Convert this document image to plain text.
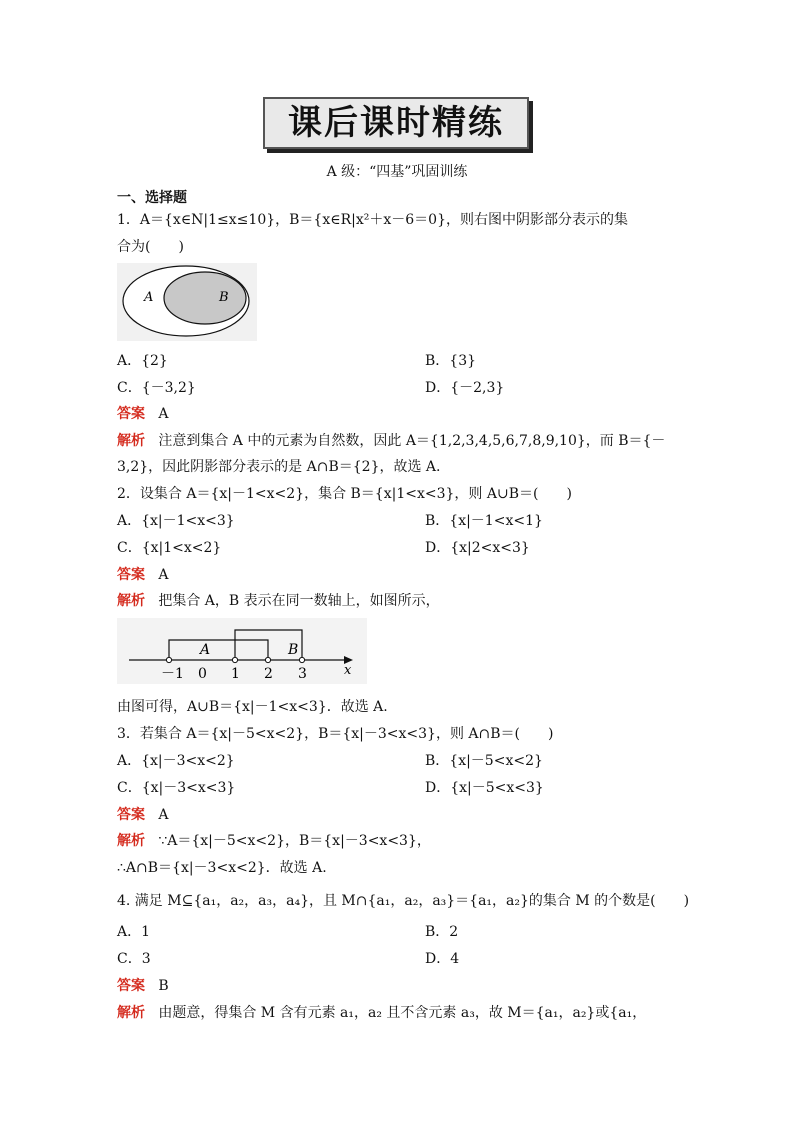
课后课时精练
A 级：“四基”巩固训练
一、选择题
1．A＝{x∈N|1≤x≤10}，B＝{x∈R|x²＋x－6＝0}，则右图中阴影部分表示的集
合为(　　)
A	B
A．{2}	B．{3}
C．{－3,2}	D．{－2,3}
答案 A
解析 注意到集合 A 中的元素为自然数，因此 A＝{1,2,3,4,5,6,7,8,9,10}，而 B＝{－
3,2}，因此阴影部分表示的是 A∩B＝{2}，故选 A.
2．设集合 A＝{x|－1<x<2}，集合 B＝{x|1<x<3}，则 A∪B＝(　　)
A．{x|－1<x<3}	B．{x|－1<x<1}
C．{x|1<x<2}	D．{x|2<x<3}
答案 A
解析 把集合 A，B 表示在同一数轴上，如图所示，
－1 0 1 2 3
A	B
x
由图可得，A∪B＝{x|－1<x<3}．故选 A.
3．若集合 A＝{x|－5<x<2}，B＝{x|－3<x<3}，则 A∩B＝(　　)
A．{x|－3<x<2}	B．{x|－5<x<2}
C．{x|－3<x<3}	D．{x|－5<x<3}
答案 A
解析 ∵A＝{x|－5<x<2}，B＝{x|－3<x<3}，
∴A∩B＝{x|－3<x<2}．故选 A.
4. 满足 M⊆{a₁，a₂，a₃，a₄}，且 M∩{a₁，a₂，a₃}＝{a₁，a₂}的集合 M 的个数是(　　)
A．1	B．2
C．3	D．4
答案 B
解析 由题意，得集合 M 含有元素 a₁，a₂ 且不含元素 a₃，故 M＝{a₁，a₂}或{a₁，
